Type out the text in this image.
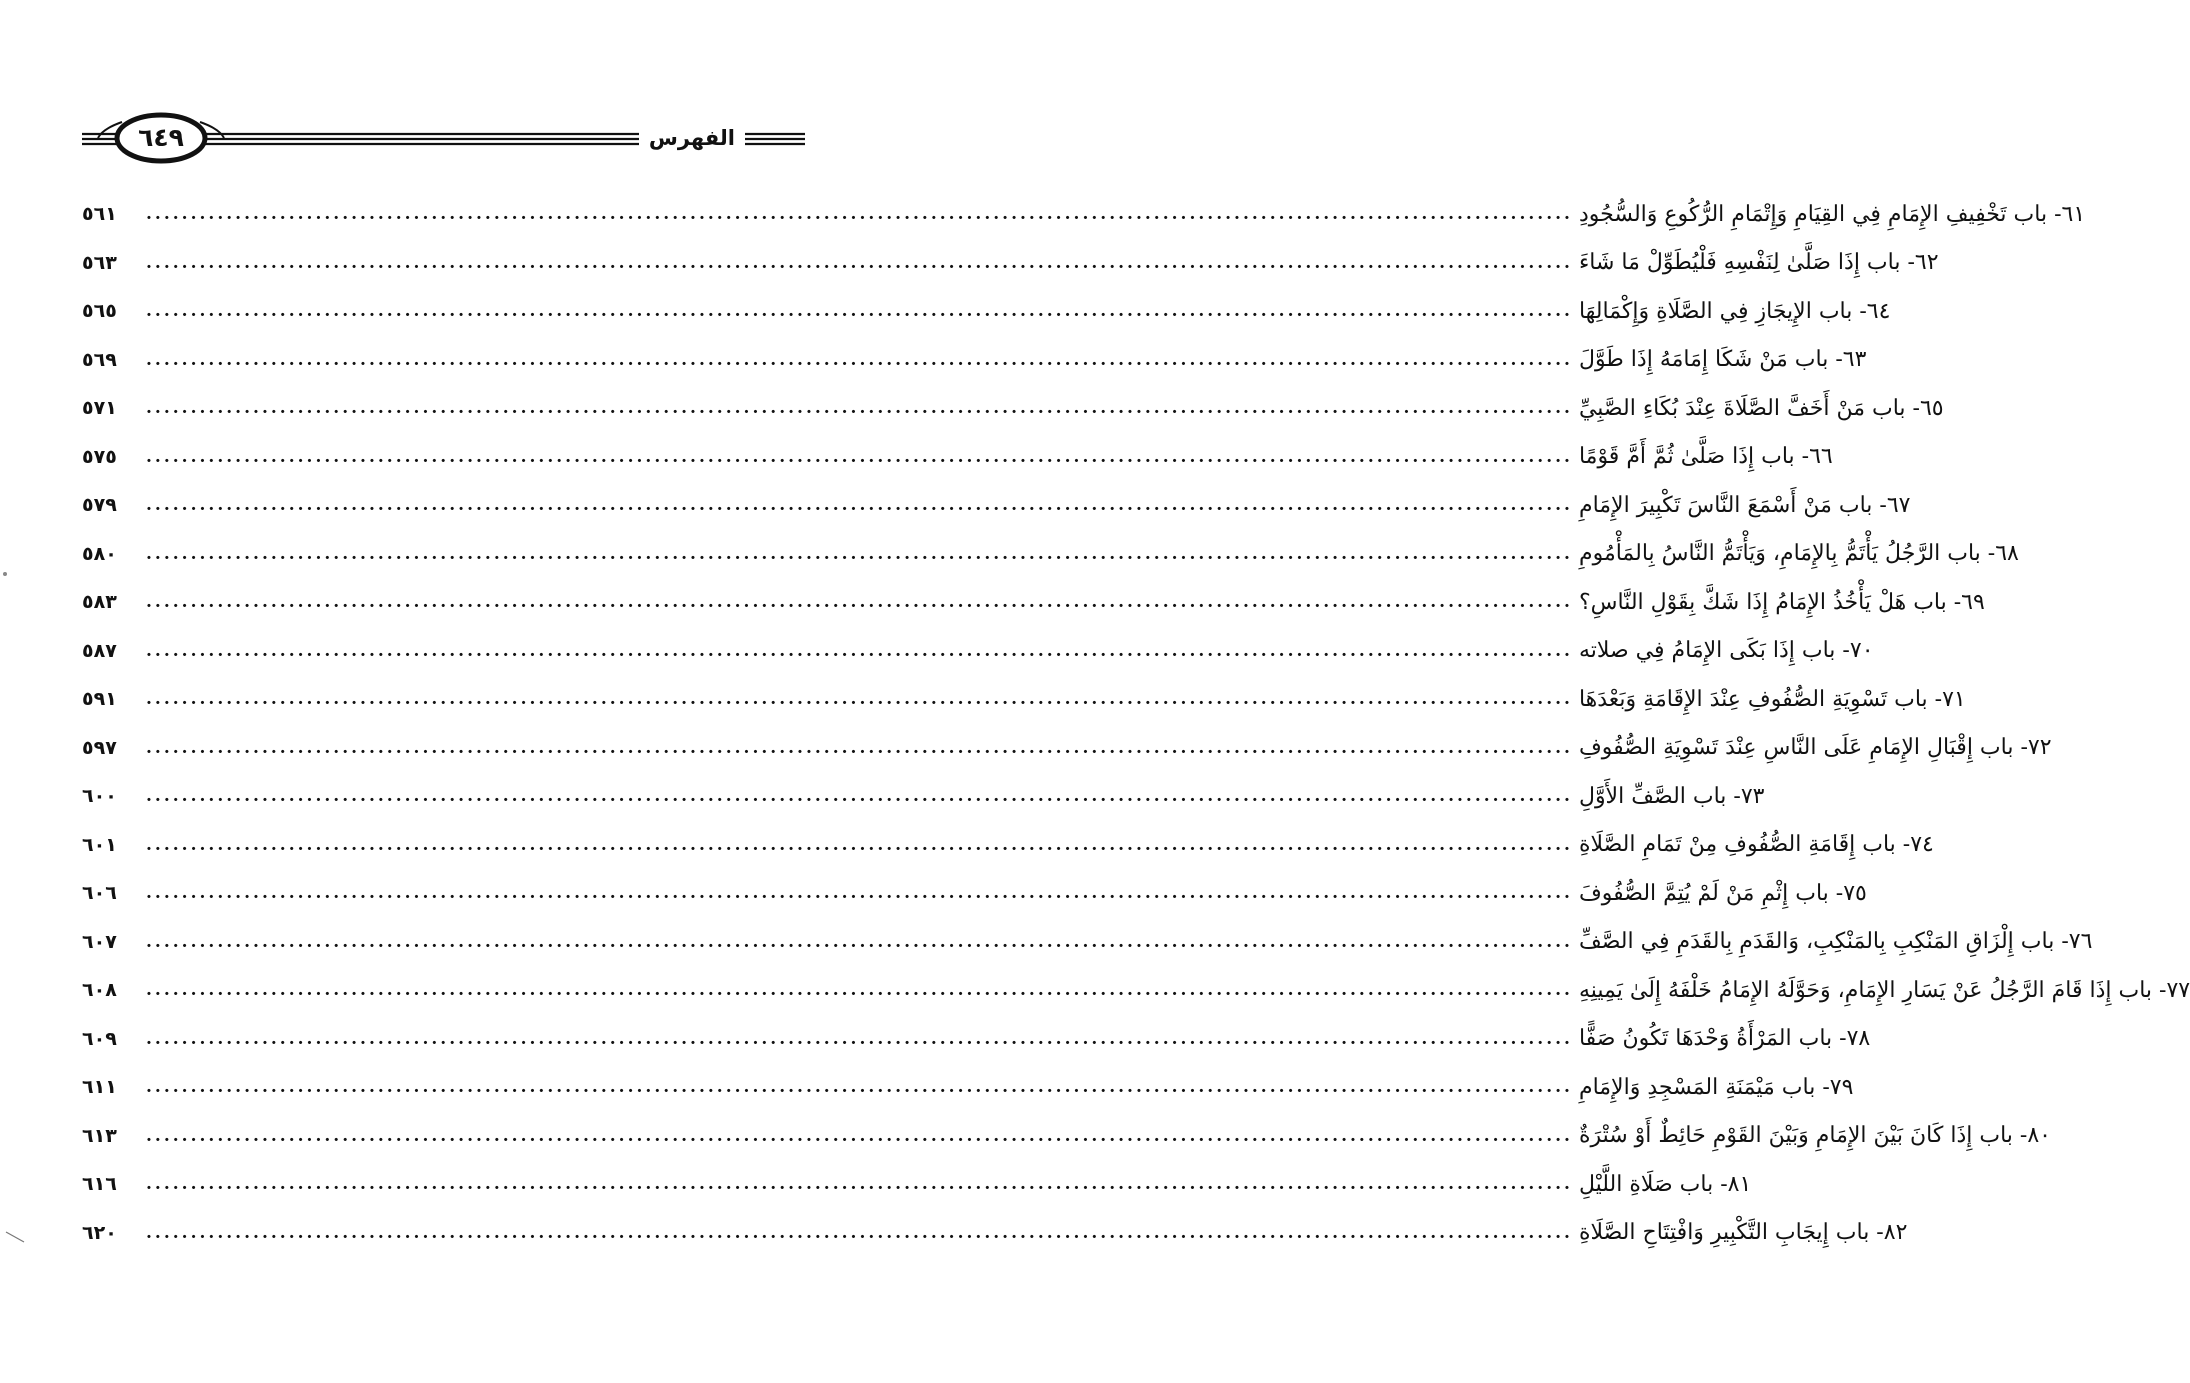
٦٤٩	الفهرس
٥٦١	................................................................................................................................................................ ٦١- باب تَخْفِيفِ الإِمَامِ فِي القِيَامِ وَإِتْمَامِ الرُّكُوعِ وَالسُّجُودِ
٥٦٣	................................................................................................................................................................ ٦٢- باب إِذَا صَلَّىٰ لِنَفْسِهِ فَلْيُطَوِّلْ مَا شَاءَ
٥٦٥	................................................................................................................................................................ ٦٤- باب الإِيجَازِ فِي الصَّلَاةِ وَإِكْمَالِهَا
٥٦٩	................................................................................................................................................................ ٦٣- باب مَنْ شَكَا إِمَامَهُ إِذَا طَوَّلَ
٥٧١	................................................................................................................................................................ ٦٥- باب مَنْ أَخَفَّ الصَّلَاةَ عِنْدَ بُكَاءِ الصَّبِيِّ
٥٧٥	................................................................................................................................................................ ٦٦- باب إِذَا صَلَّىٰ ثُمَّ أَمَّ قَوْمًا
٥٧٩	................................................................................................................................................................ ٦٧- باب مَنْ أَسْمَعَ النَّاسَ تَكْبِيرَ الإِمَامِ
٥٨٠	................................................................................................................................................................ ٦٨- باب الرَّجُلُ يَأْتَمُّ بِالإِمَامِ، وَيَأْتَمُّ النَّاسُ بِالمَأْمُومِ
٥٨٣	................................................................................................................................................................ ٦٩- باب هَلْ يَأْخُذُ الإِمَامُ إِذَا شَكَّ بِقَوْلِ النَّاسِ؟
٥٨٧	................................................................................................................................................................ ٧٠- باب إِذَا بَكَى الإِمَامُ فِي صلاته
٥٩١	................................................................................................................................................................ ٧١- باب تَسْوِيَةِ الصُّفُوفِ عِنْدَ الإِقَامَةِ وَبَعْدَهَا
٥٩٧	................................................................................................................................................................ ٧٢- باب إِقْبَالِ الإِمَامِ عَلَى النَّاسِ عِنْدَ تَسْوِيَةِ الصُّفُوفِ
٦٠٠	................................................................................................................................................................ ٧٣- باب الصَّفِّ الأَوَّلِ
٦٠١	................................................................................................................................................................ ٧٤- باب إِقَامَةِ الصُّفُوفِ مِنْ تَمَامِ الصَّلَاةِ
٦٠٦	................................................................................................................................................................ ٧٥- باب إِثْمِ مَنْ لَمْ يُتِمَّ الصُّفُوفَ
٦٠٧	................................................................................................................................................................ ٧٦- باب إِلْزَاقِ المَنْكِبِ بِالمَنْكِبِ، وَالقَدَمِ بِالقَدَمِ فِي الصَّفِّ
٦٠٨	................................................................................................................................................................ ٧٧- باب إِذَا قَامَ الرَّجُلُ عَنْ يَسَارِ الإِمَامِ، وَحَوَّلَهُ الإِمَامُ خَلْفَهُ إِلَىٰ يَمِينِهِ
٦٠٩	................................................................................................................................................................ ٧٨- باب المَرْأَةُ وَحْدَهَا تَكُونُ صَفًّا
٦١١	................................................................................................................................................................ ٧٩- باب مَيْمَنَةِ المَسْجِدِ وَالإِمَامِ
٦١٣	................................................................................................................................................................ ٨٠- باب إِذَا كَانَ بَيْنَ الإِمَامِ وَبَيْنَ القَوْمِ حَائِطٌ أَوْ سُتْرَةٌ
٦١٦	................................................................................................................................................................ ٨١- باب صَلَاةِ اللَّيْلِ
٦٢٠	................................................................................................................................................................ ٨٢- باب إِيجَابِ التَّكْبِيرِ وَافْتِتَاحِ الصَّلَاةِ
